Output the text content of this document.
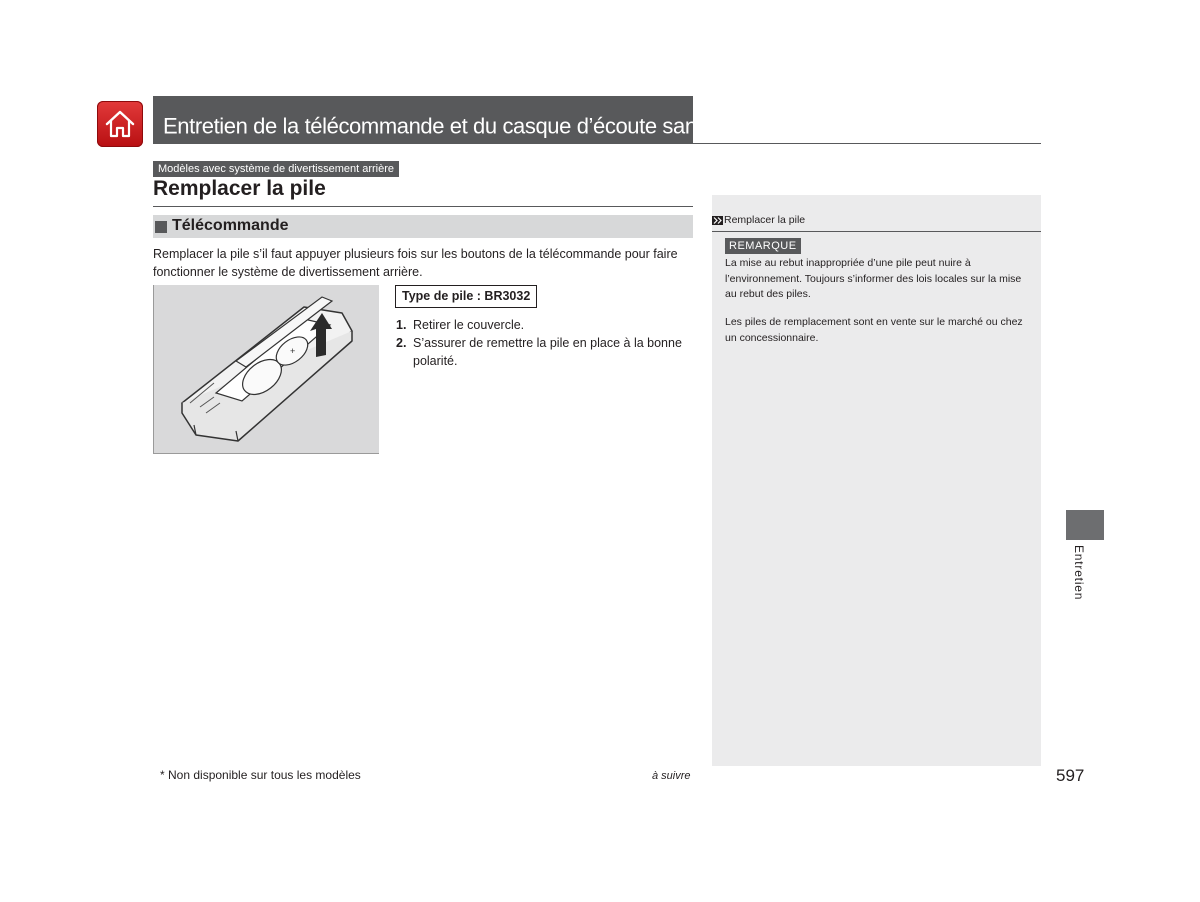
Entretien de la télécommande et du casque d’écoute sans fil*
Modèles avec système de divertissement arrière
Remplacer la pile
Télécommande
Remplacer la pile s’il faut appuyer plusieurs fois sur les boutons de la télécommande pour faire fonctionner le système de divertissement arrière.
+
Type de pile : BR3032
1. Retirer le couvercle.
2. S’assurer de remettre la pile en place à la bonne polarité.
Remplacer la pile
REMARQUE
La mise au rebut inappropriée d’une pile peut nuire à l’environnement. Toujours s’informer des lois locales sur la mise au rebut des piles.
Les piles de remplacement sont en vente sur le marché ou chez un concessionnaire.
Entretien
* Non disponible sur tous les modèles	à suivre	597
